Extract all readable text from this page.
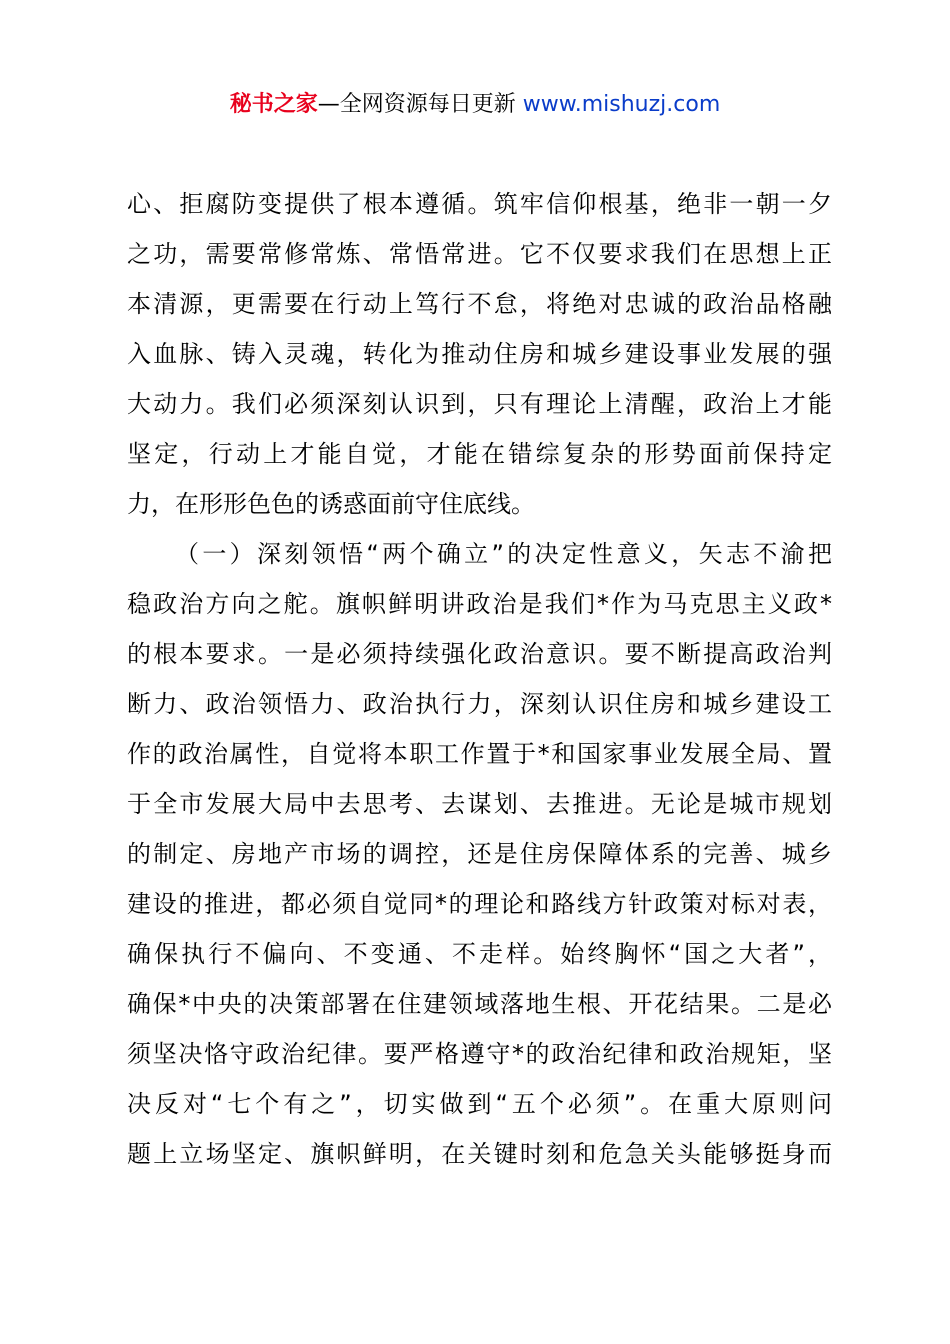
秘书之家—全网资源每日更新 www.mishuzj.com
心、拒腐防变提供了根本遵循。筑牢信仰根基，绝非一朝一夕
之功，需要常修常炼、常悟常进。它不仅要求我们在思想上正
本清源，更需要在行动上笃行不怠，将绝对忠诚的政治品格融
入血脉、铸入灵魂，转化为推动住房和城乡建设事业发展的强
大动力。我们必须深刻认识到，只有理论上清醒，政治上才能
坚定，行动上才能自觉，才能在错综复杂的形势面前保持定
力，在形形色色的诱惑面前守住底线。
（一）深刻领悟“两个确立”的决定性意义，矢志不渝把
稳政治方向之舵。旗帜鲜明讲政治是我们*作为马克思主义政*
的根本要求。一是必须持续强化政治意识。要不断提高政治判
断力、政治领悟力、政治执行力，深刻认识住房和城乡建设工
作的政治属性，自觉将本职工作置于*和国家事业发展全局、置
于全市发展大局中去思考、去谋划、去推进。无论是城市规划
的制定、房地产市场的调控，还是住房保障体系的完善、城乡
建设的推进，都必须自觉同*的理论和路线方针政策对标对表，
确保执行不偏向、不变通、不走样。始终胸怀“国之大者”，
确保*中央的决策部署在住建领域落地生根、开花结果。二是必
须坚决恪守政治纪律。要严格遵守*的政治纪律和政治规矩，坚
决反对“七个有之”，切实做到“五个必须”。在重大原则问
题上立场坚定、旗帜鲜明，在关键时刻和危急关头能够挺身而
